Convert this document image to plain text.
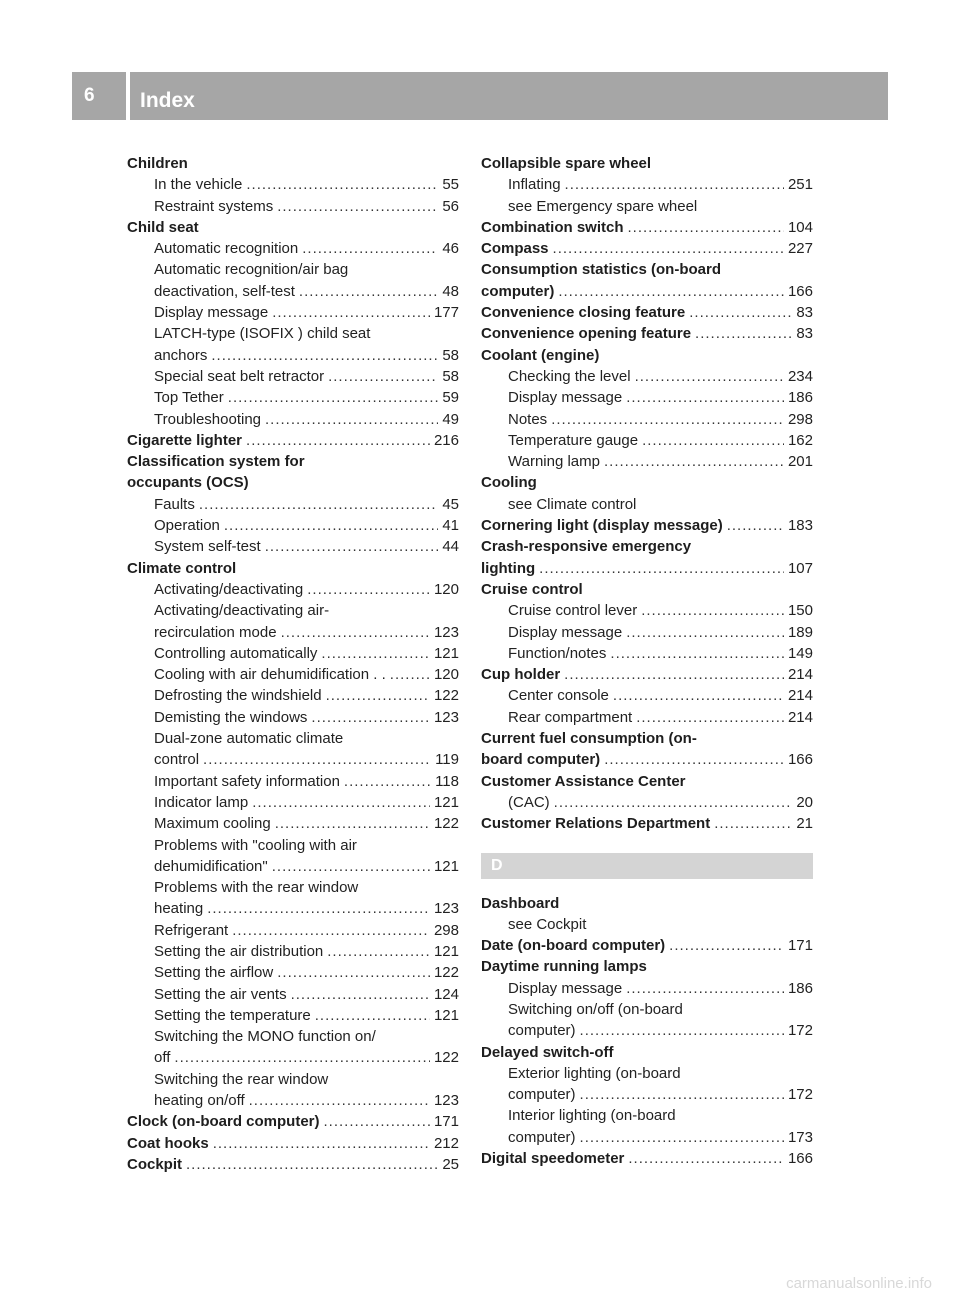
6	Index
Children
In the vehicle .....	55
Restraint systems .....	56
Child seat
Automatic recognition .....	46
Automatic recognition/air bag
deactivation, self-test .....	48
Display message .....	177
LATCH-type (ISOFIX ) child seat
anchors .....	58
Special seat belt retractor .....	58
Top Tether .....	59
Troubleshooting .....	49
Cigarette lighter .....	216
Classification system for
occupants (OCS)
Faults .....	45
Operation .....	41
System self-test .....	44
Climate control
Activating/deactivating .....	120
Activating/deactivating air-
recirculation mode .....	123
Controlling automatically .....	121
Cooling with air dehumidification . . .....	120
Defrosting the windshield .....	122
Demisting the windows .....	123
Dual-zone automatic climate
control .....	119
Important safety information .....	118
Indicator lamp .....	121
Maximum cooling .....	122
Problems with "cooling with air
dehumidification" .....	121
Problems with the rear window
heating .....	123
Refrigerant .....	298
Setting the air distribution .....	121
Setting the airflow .....	122
Setting the air vents .....	124
Setting the temperature .....	121
Switching the MONO function on/
off .....	122
Switching the rear window
heating on/off .....	123
Clock (on-board computer) .....	171
Coat hooks .....	212
Cockpit .....	25
Collapsible spare wheel
Inflating .....	251
see Emergency spare wheel
Combination switch .....	104
Compass .....	227
Consumption statistics (on-board
computer) .....	166
Convenience closing feature .....	83
Convenience opening feature .....	83
Coolant (engine)
Checking the level .....	234
Display message .....	186
Notes .....	298
Temperature gauge .....	162
Warning lamp .....	201
Cooling
see Climate control
Cornering light (display message) .....	183
Crash-responsive emergency
lighting .....	107
Cruise control
Cruise control lever .....	150
Display message .....	189
Function/notes .....	149
Cup holder .....	214
Center console .....	214
Rear compartment .....	214
Current fuel consumption (on-
board computer) .....	166
Customer Assistance Center
(CAC) .....	20
Customer Relations Department .....	21
D
Dashboard
see Cockpit
Date (on-board computer) .....	171
Daytime running lamps
Display message .....	186
Switching on/off (on-board
computer) .....	172
Delayed switch-off
Exterior lighting (on-board
computer) .....	172
Interior lighting (on-board
computer) .....	173
Digital speedometer .....	166
carmanualsonline.info
